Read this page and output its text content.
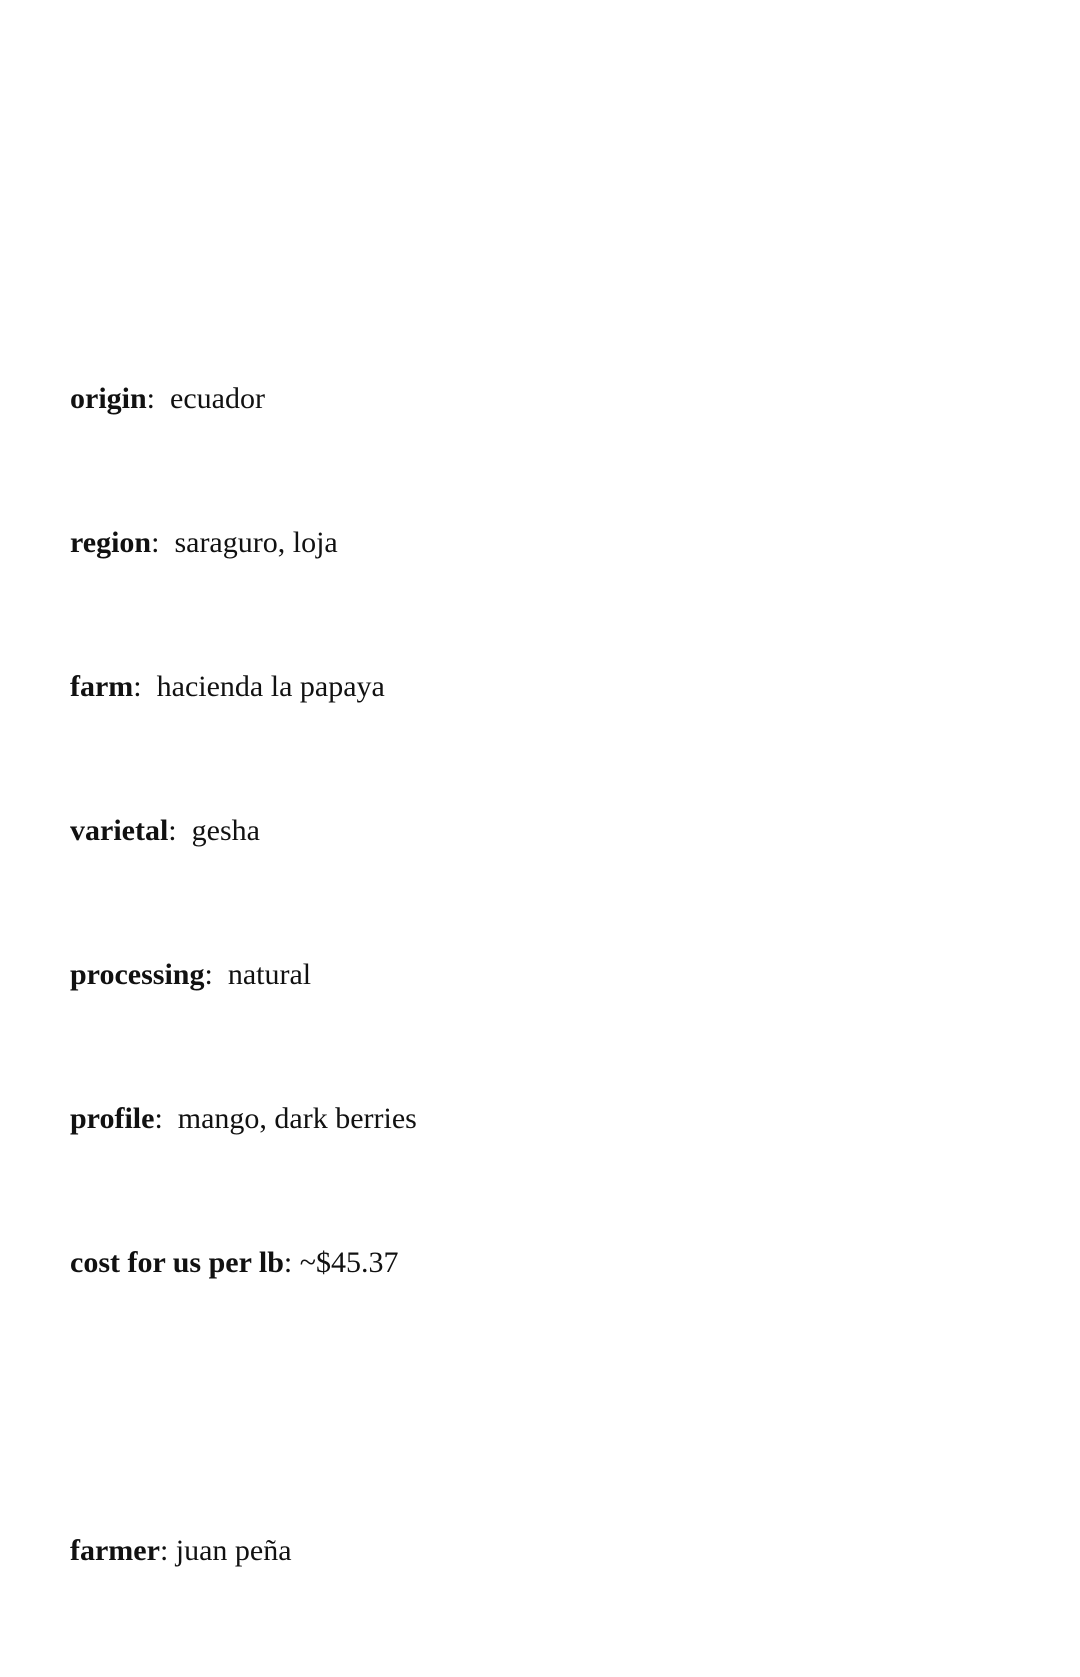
origin:  ecuador

region:  saraguro, loja

farm:  hacienda la papaya

varietal:  gesha

processing:  natural

profile:  mango, dark berries

cost for us per lb: ~$45.37

farmer: juan peña
